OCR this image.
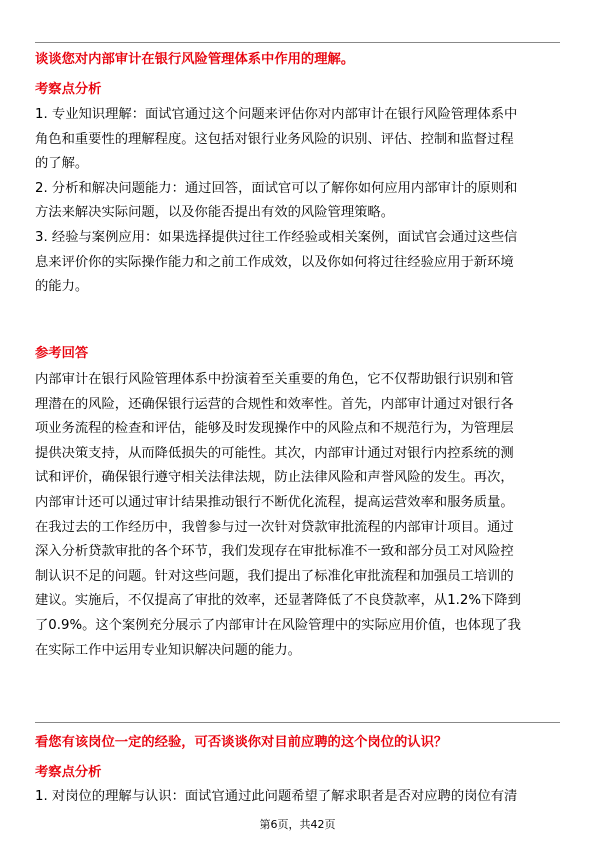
谈谈您对内部审计在银行风险管理体系中作用的理解。
考察点分析
1. 专业知识理解：面试官通过这个问题来评估你对内部审计在银行风险管理体系中
角色和重要性的理解程度。这包括对银行业务风险的识别、评估、控制和监督过程
的了解。
2. 分析和解决问题能力：通过回答，面试官可以了解你如何应用内部审计的原则和
方法来解决实际问题，以及你能否提出有效的风险管理策略。
3. 经验与案例应用：如果选择提供过往工作经验或相关案例，面试官会通过这些信
息来评价你的实际操作能力和之前工作成效，以及你如何将过往经验应用于新环境
的能力。
参考回答
内部审计在银行风险管理体系中扮演着至关重要的角色，它不仅帮助银行识别和管
理潜在的风险，还确保银行运营的合规性和效率性。首先，内部审计通过对银行各
项业务流程的检查和评估，能够及时发现操作中的风险点和不规范行为，为管理层
提供决策支持，从而降低损失的可能性。其次，内部审计通过对银行内控系统的测
试和评价，确保银行遵守相关法律法规，防止法律风险和声誉风险的发生。再次，
内部审计还可以通过审计结果推动银行不断优化流程，提高运营效率和服务质量。
在我过去的工作经历中，我曾参与过一次针对贷款审批流程的内部审计项目。通过
深入分析贷款审批的各个环节，我们发现存在审批标准不一致和部分员工对风险控
制认识不足的问题。针对这些问题，我们提出了标准化审批流程和加强员工培训的
建议。实施后，不仅提高了审批的效率，还显著降低了不良贷款率，从1.2%下降到
了0.9%。这个案例充分展示了内部审计在风险管理中的实际应用价值，也体现了我
在实际工作中运用专业知识解决问题的能力。
看您有该岗位一定的经验，可否谈谈你对目前应聘的这个岗位的认识？
考察点分析
1. 对岗位的理解与认识：面试官通过此问题希望了解求职者是否对应聘的岗位有清
第6页，共42页
